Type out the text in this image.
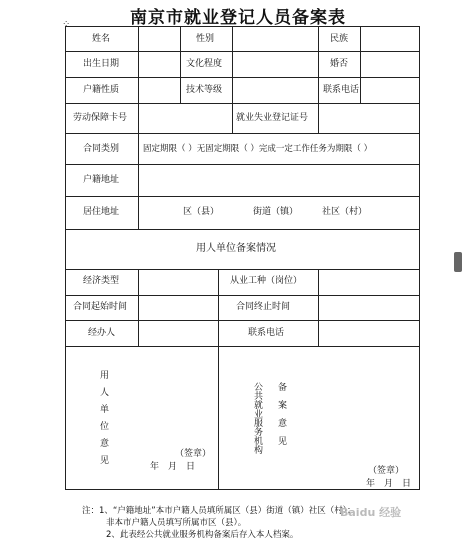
南京市就业登记人员备案表
⁘
姓名	性别	民族
出生日期	文化程度	婚否
户籍性质	技术等级	联系电话
劳动保障卡号	就业失业登记证号
合同类别	固定期限（ ）无固定期限（ ）完成一定工作任务为期限（ ）
户籍地址
居住地址	区（县）	街道（镇）	社区（村）
用人单位备案情况
经济类型	从业工种（岗位）
合同起始时间	合同终止时间
经办人	联系电话
用人单位意见	（签章）
年　月　日
公共就业服务机构 备案意见
（签章）
年　月　日
注：1、“户籍地址”本市户籍人员填所属区（县）街道（镇）社区（村）；
非本市户籍人员填写所属市区（县）。
2、此表经公共就业服务机构备案后存入本人档案。
Baidu 经验
